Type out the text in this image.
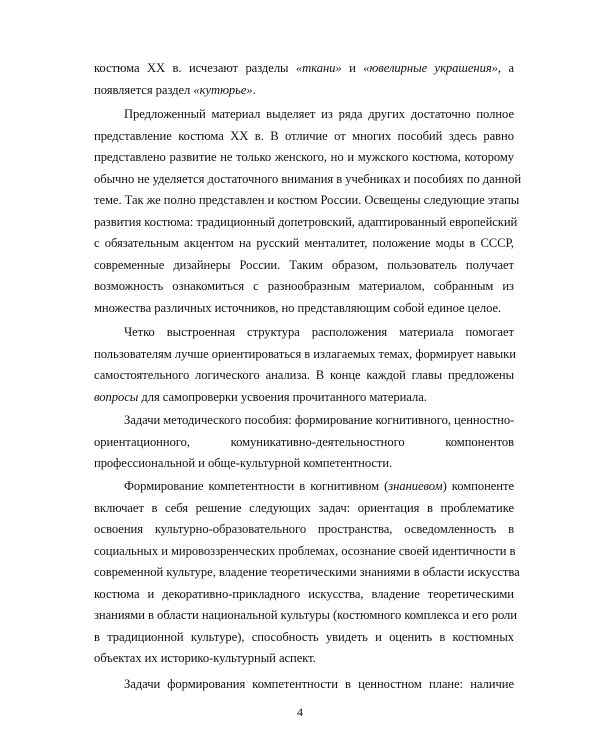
костюма XX в. исчезают разделы «ткани» и «ювелирные украшения», а
появляется раздел «кутюрье».
Предложенный материал выделяет из ряда других достаточно полное
представление костюма XX в. В отличие от многих пособий здесь равно
представлено развитие не только женского, но и мужского костюма, которому
обычно не уделяется достаточного внимания в учебниках и пособиях по данной
теме. Так же полно представлен и костюм России. Освещены следующие этапы
развития костюма: традиционный допетровский, адаптированный европейский
с обязательным акцентом на русский менталитет, положение моды в СССР,
современные дизайнеры России. Таким образом, пользователь получает
возможность ознакомиться с разнообразным материалом, собранным из
множества различных источников, но представляющим собой единое целое.
Четко выстроенная структура расположения материала помогает
пользователям лучше ориентироваться в излагаемых темах, формирует навыки
самостоятельного логического анализа. В конце каждой главы предложены
вопросы для самопроверки усвоения прочитанного материала.
Задачи методического пособия: формирование когнитивного, ценностно-
ориентационного, комуникативно-деятельностного компонентов
профессиональной и обще-культурной компетентности.
Формирование компетентности в когнитивном (знаниевом) компоненте
включает в себя решение следующих задач: ориентация в проблематике
освоения культурно-образовательного пространства, осведомленность в
социальных и мировоззренческих проблемах, осознание своей идентичности в
современной культуре, владение теоретическими знаниями в области искусства
костюма и декоративно-прикладного искусства, владение теоретическими
знаниями в области национальной культуры (костюмного комплекса и его роли
в традиционной культуре), способность увидеть и оценить в костюмных
объектах их историко-культурный аспект.
Задачи формирования компетентности в ценностном плане: наличие
4
